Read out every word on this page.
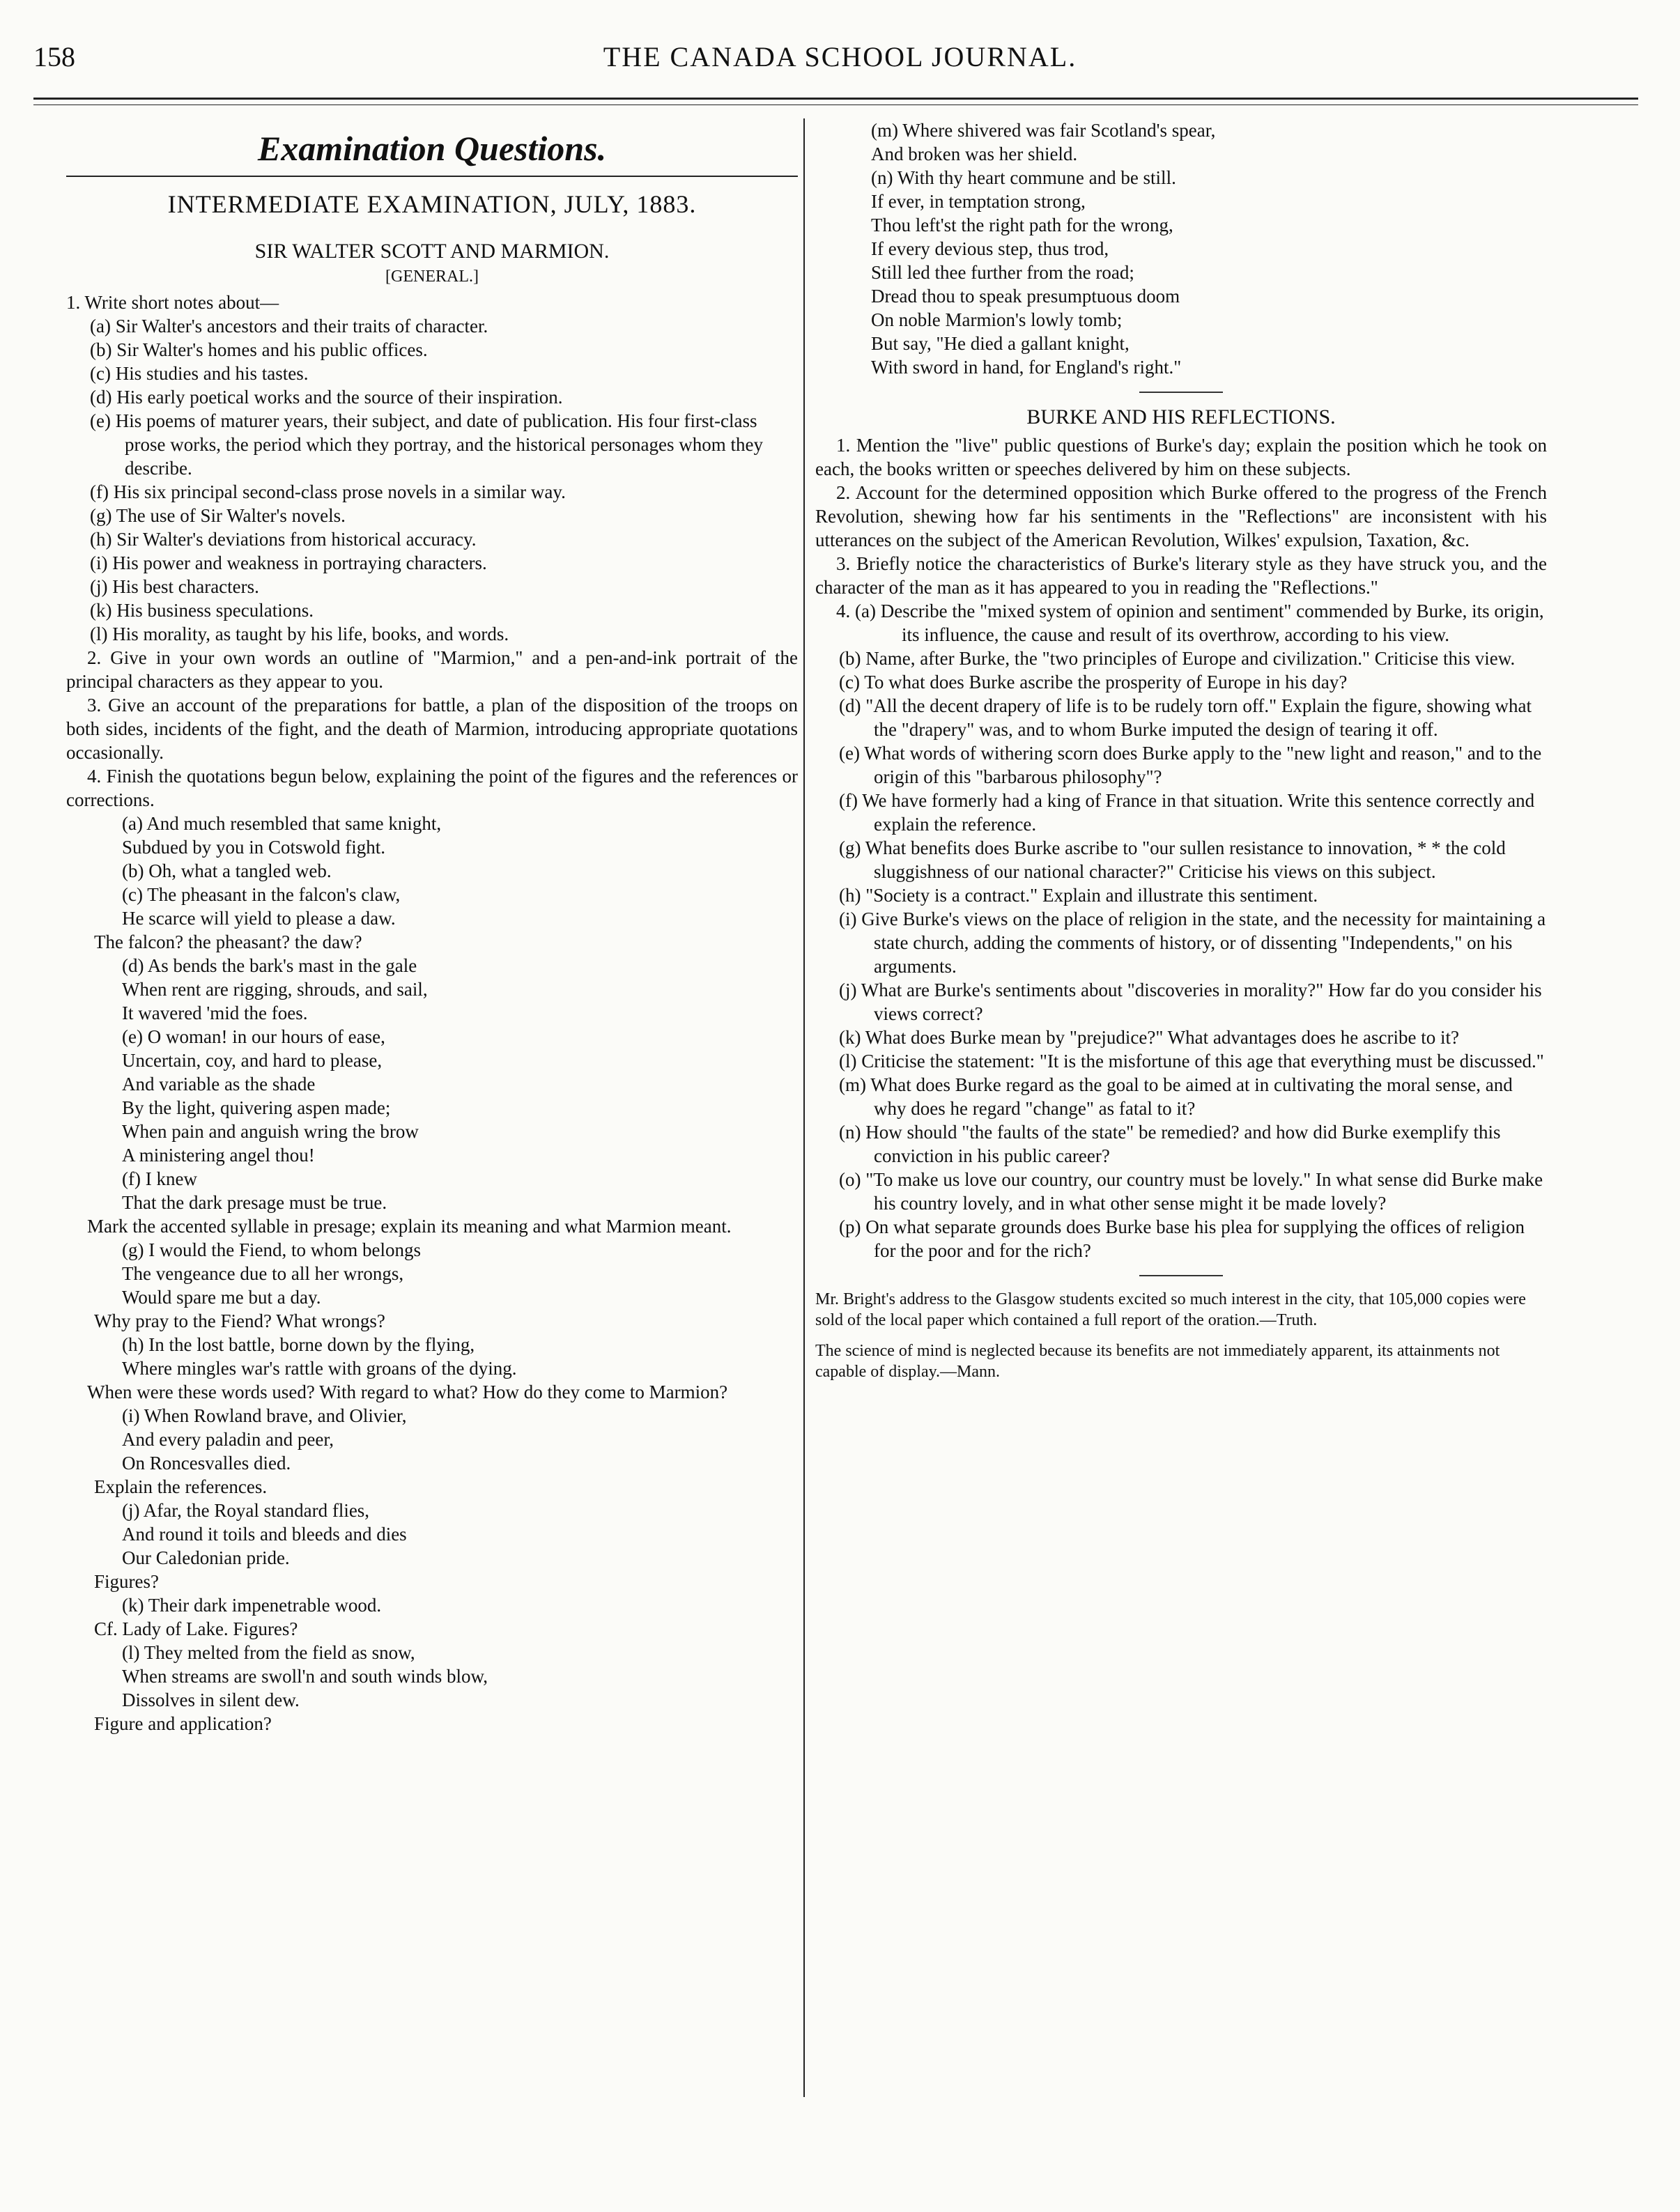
158	THE CANADA SCHOOL JOURNAL.
Examination Questions.
INTERMEDIATE EXAMINATION, JULY, 1883.
SIR WALTER SCOTT AND MARMION.
[GENERAL.]

1. Write short notes about—

(a) Sir Walter's ancestors and their traits of character.

(b) Sir Walter's homes and his public offices.

(c) His studies and his tastes.

(d) His early poetical works and the source of their inspiration.

(e) His poems of maturer years, their subject, and date of publication. His four first-class prose works, the period which they portray, and the historical personages whom they describe.

(f) His six principal second-class prose novels in a similar way.

(g) The use of Sir Walter's novels.

(h) Sir Walter's deviations from historical accuracy.

(i) His power and weakness in portraying characters.

(j) His best characters.

(k) His business speculations.

(l) His morality, as taught by his life, books, and words.

2. Give in your own words an outline of "Marmion," and a pen-and-ink portrait of the principal characters as they appear to you.

3. Give an account of the preparations for battle, a plan of the disposition of the troops on both sides, incidents of the fight, and the death of Marmion, introducing appropriate quotations occasionally.

4. Finish the quotations begun below, explaining the point of the figures and the references or corrections.

(a) And much resembled that same knight,

Subdued by you in Cotswold fight.

(b) Oh, what a tangled web.

(c) The pheasant in the falcon's claw,

He scarce will yield to please a daw.

The falcon? the pheasant? the daw?

(d) As bends the bark's mast in the gale

When rent are rigging, shrouds, and sail,

It wavered 'mid the foes.

(e) O woman! in our hours of ease,

Uncertain, coy, and hard to please,

And variable as the shade

By the light, quivering aspen made;

When pain and anguish wring the brow

A ministering angel thou!

(f) I knew

That the dark presage must be true.

Mark the accented syllable in presage; explain its meaning and what Marmion meant.

(g) I would the Fiend, to whom belongs

The vengeance due to all her wrongs,

Would spare me but a day.

Why pray to the Fiend? What wrongs?

(h) In the lost battle, borne down by the flying,

Where mingles war's rattle with groans of the dying.

When were these words used? With regard to what? How do they come to Marmion?

(i) When Rowland brave, and Olivier,

And every paladin and peer,

On Roncesvalles died.

Explain the references.

(j) Afar, the Royal standard flies,

And round it toils and bleeds and dies

Our Caledonian pride.

Figures?

(k) Their dark impenetrable wood.

Cf. Lady of Lake. Figures?

(l) They melted from the field as snow,

When streams are swoll'n and south winds blow,

Dissolves in silent dew.

Figure and application?

(m) Where shivered was fair Scotland's spear,

And broken was her shield.

(n) With thy heart commune and be still.

If ever, in temptation strong,

Thou left'st the right path for the wrong,

If every devious step, thus trod,

Still led thee further from the road;

Dread thou to speak presumptuous doom

On noble Marmion's lowly tomb;

But say, "He died a gallant knight,

With sword in hand, for England's right."

BURKE AND HIS REFLECTIONS.

1. Mention the "live" public questions of Burke's day; explain the position which he took on each, the books written or speeches delivered by him on these subjects.

2. Account for the determined opposition which Burke offered to the progress of the French Revolution, shewing how far his sentiments in the "Reflections" are inconsistent with his utterances on the subject of the American Revolution, Wilkes' expulsion, Taxation, &c.

3. Briefly notice the characteristics of Burke's literary style as they have struck you, and the character of the man as it has appeared to you in reading the "Reflections."

4. (a) Describe the "mixed system of opinion and sentiment" commended by Burke, its origin, its influence, the cause and result of its overthrow, according to his view.

(b) Name, after Burke, the "two principles of Europe and civilization." Criticise this view.

(c) To what does Burke ascribe the prosperity of Europe in his day?

(d) "All the decent drapery of life is to be rudely torn off." Explain the figure, showing what the "drapery" was, and to whom Burke imputed the design of tearing it off.

(e) What words of withering scorn does Burke apply to the "new light and reason," and to the origin of this "barbarous philosophy"?

(f) We have formerly had a king of France in that situation. Write this sentence correctly and explain the reference.

(g) What benefits does Burke ascribe to "our sullen resistance to innovation, * * the cold sluggishness of our national character?" Criticise his views on this subject.

(h) "Society is a contract." Explain and illustrate this sentiment.

(i) Give Burke's views on the place of religion in the state, and the necessity for maintaining a state church, adding the comments of history, or of dissenting "Independents," on his arguments.

(j) What are Burke's sentiments about "discoveries in morality?" How far do you consider his views correct?

(k) What does Burke mean by "prejudice?" What advantages does he ascribe to it?

(l) Criticise the statement: "It is the misfortune of this age that everything must be discussed."

(m) What does Burke regard as the goal to be aimed at in cultivating the moral sense, and why does he regard "change" as fatal to it?

(n) How should "the faults of the state" be remedied? and how did Burke exemplify this conviction in his public career?

(o) "To make us love our country, our country must be lovely." In what sense did Burke make his country lovely, and in what other sense might it be made lovely?

(p) On what separate grounds does Burke base his plea for supplying the offices of religion for the poor and for the rich?

Mr. Bright's address to the Glasgow students excited so much interest in the city, that 105,000 copies were sold of the local paper which contained a full report of the oration.—Truth.

The science of mind is neglected because its benefits are not immediately apparent, its attainments not capable of display.—Mann.
